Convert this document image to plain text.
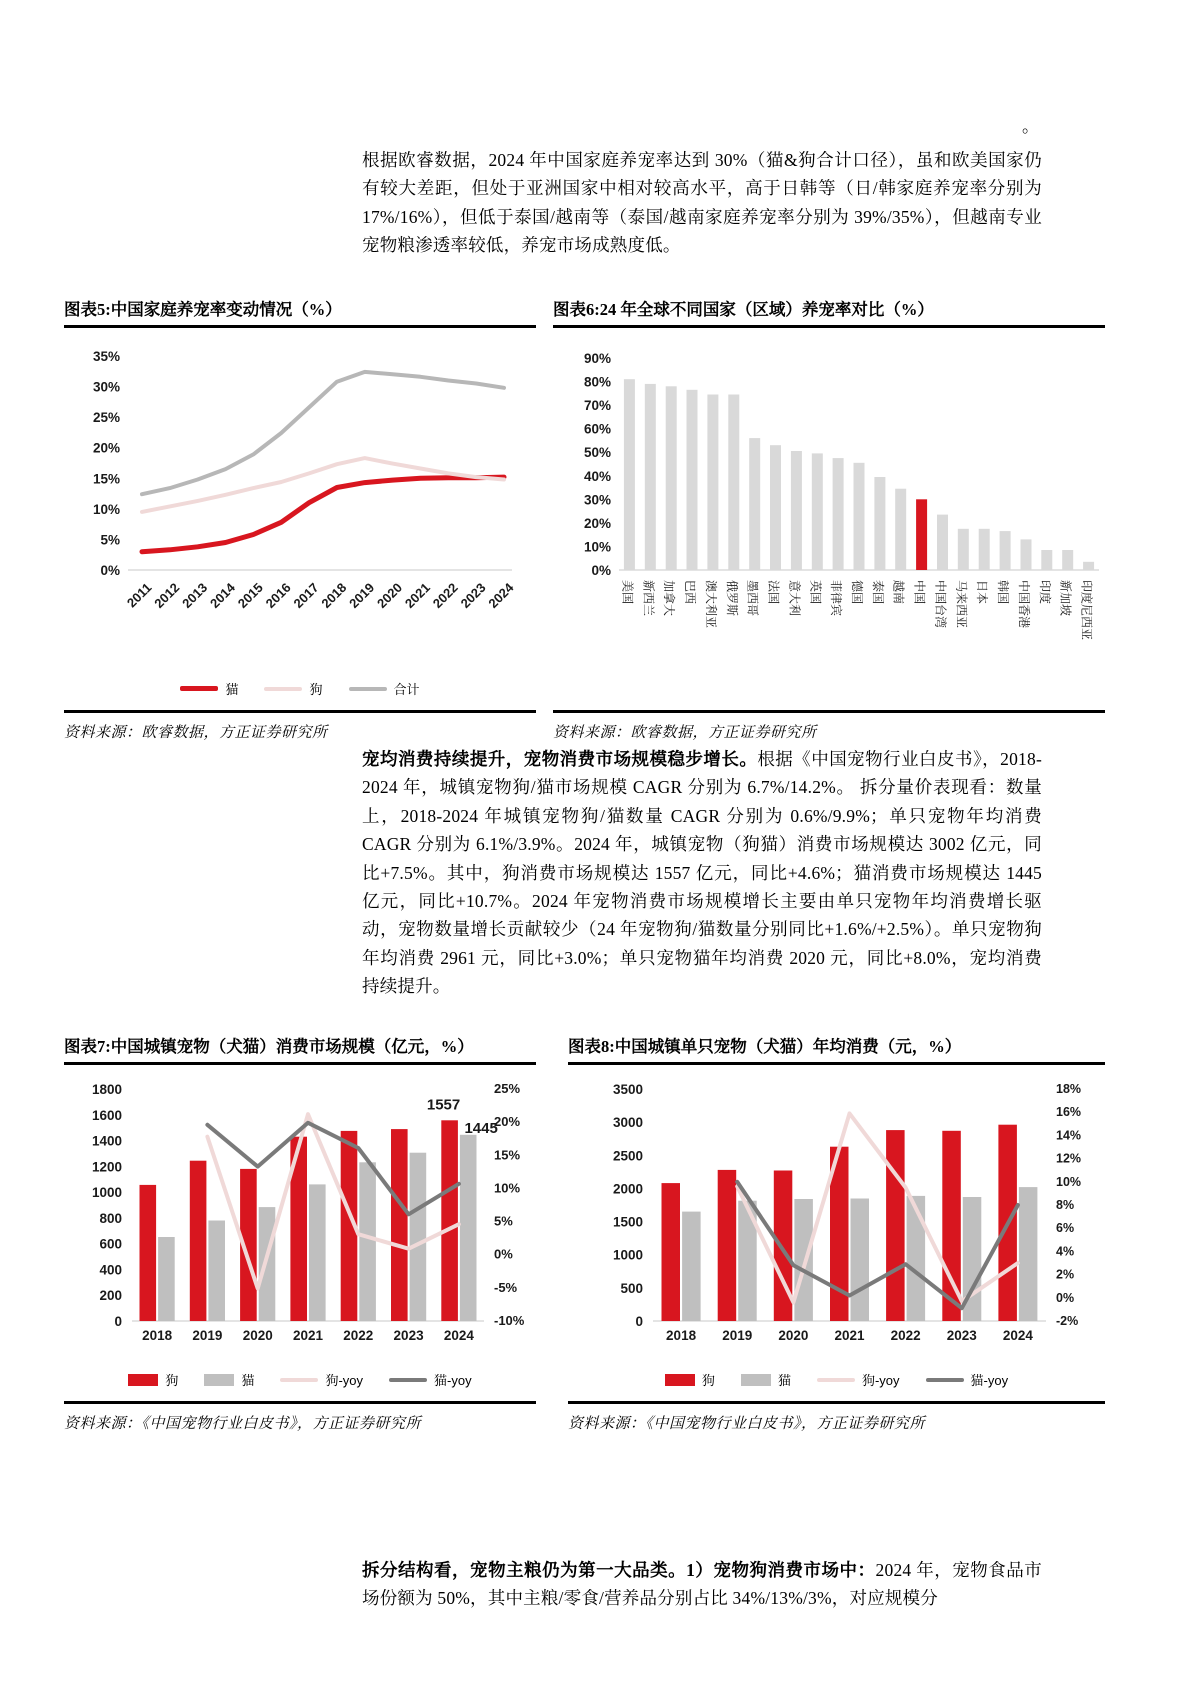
。
根据欧睿数据，2024 年中国家庭养宠率达到 30%（猫&狗合计口径），虽和欧美国家仍有较大差距，但处于亚洲国家中相对较高水平，高于日韩等（日/韩家庭养宠率分别为 17%/16%），但低于泰国/越南等（泰国/越南家庭养宠率分别为 39%/35%），但越南专业宠物粮渗透率较低，养宠市场成熟度低。
图表5:中国家庭养宠率变动情况（%）
0%
5%
10%
15%
20%
25%
30%
35%
2011
2012
2013
2014
2015
2016
2017
2018
2019
2020
2021
2022
2023
2024
猫	狗	合计
资料来源：欧睿数据，方正证券研究所
图表6:24 年全球不同国家（区域）养宠率对比（%）
0%
10%
20%
30%
40%
50%
60%
70%
80%
90%
美国 新西兰 加拿大 巴西 澳大利亚 俄罗斯 墨西哥 法国 意大利 英国 菲律宾 德国 泰国 越南 中国 中国台湾 马来西亚 日本 韩国 中国香港 印度 新加坡 印度尼西亚
资料来源：欧睿数据，方正证券研究所
宠均消费持续提升，宠物消费市场规模稳步增长。根据《中国宠物行业白皮书》，2018-2024 年，城镇宠物狗/猫市场规模 CAGR 分别为 6.7%/14.2%。 拆分量价表现看：数量上，2018-2024 年城镇宠物狗/猫数量 CAGR 分别为 0.6%/9.9%；单只宠物年均消费 CAGR 分别为 6.1%/3.9%。2024 年，城镇宠物（狗猫）消费市场规模达 3002 亿元，同比+7.5%。其中，狗消费市场规模达 1557 亿元，同比+4.6%；猫消费市场规模达 1445 亿元，同比+10.7%。2024 年宠物消费市场规模增长主要由单只宠物年均消费增长驱动，宠物数量增长贡献较少（24 年宠物狗/猫数量分别同比+1.6%/+2.5%）。单只宠物狗年均消费 2961 元，同比+3.0%；单只宠物猫年均消费 2020 元，同比+8.0%，宠均消费持续提升。
图表7:中国城镇宠物（犬猫）消费市场规模（亿元，%）
0
200
400
600
800
1000
1200
1400
1600
1800
-10%
-5%
0%
5%
10%
15%
20%
25%
2018 2019 2020 2021 2022 2023 2024
1557
1445
狗	猫	狗-yoy	猫-yoy
资料来源：《中国宠物行业白皮书》，方正证券研究所
图表8:中国城镇单只宠物（犬猫）年均消费（元，%）
0
500
1000
1500
2000
2500
3000
3500
-2%
0%
2%
4%
6%
8%
10%
12%
14%
16%
18%
2018 2019 2020 2021 2022 2023 2024
狗	猫	狗-yoy	猫-yoy
资料来源：《中国宠物行业白皮书》，方正证券研究所
拆分结构看，宠物主粮仍为第一大品类。1）宠物狗消费市场中：2024 年，宠物食品市场份额为 50%，其中主粮/零食/营养品分别占比 34%/13%/3%，对应规模分
